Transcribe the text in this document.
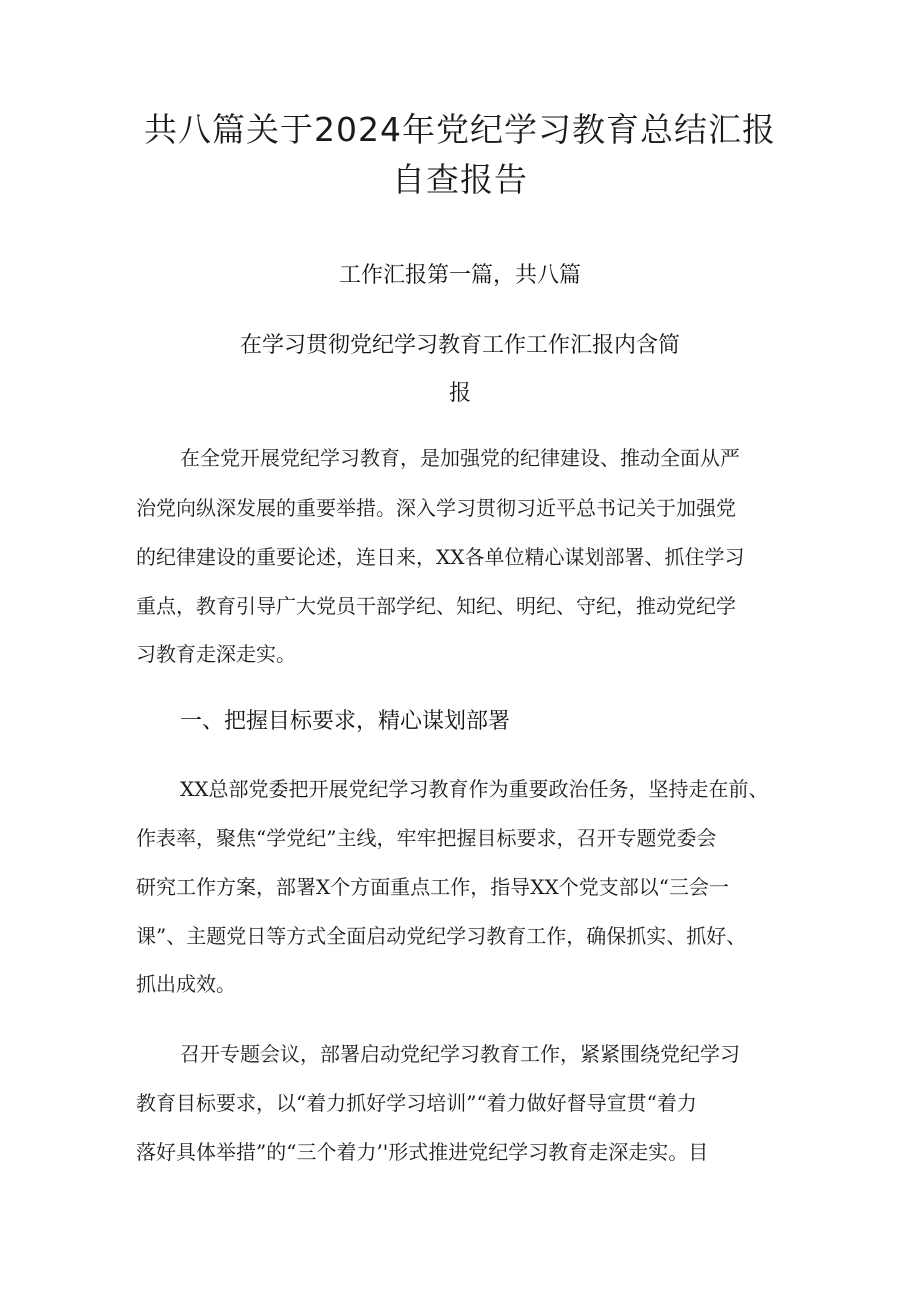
共八篇关于2024年党纪学习教育总结汇报
自查报告
工作汇报第一篇，共八篇
在学习贯彻党纪学习教育工作工作汇报内含简
报
在全党开展党纪学习教育，是加强党的纪律建设、推动全面从严
治党向纵深发展的重要举措。深入学习贯彻习近平总书记关于加强党
的纪律建设的重要论述，连日来，XX各单位精心谋划部署、抓住学习
重点，教育引导广大党员干部学纪、知纪、明纪、守纪，推动党纪学
习教育走深走实。
一、把握目标要求，精心谋划部署
XX总部党委把开展党纪学习教育作为重要政治任务，坚持走在前、
作表率，聚焦“学党纪”主线，牢牢把握目标要求，召开专题党委会
研究工作方案，部署X个方面重点工作，指导XX个党支部以“三会一
课”、主题党日等方式全面启动党纪学习教育工作，确保抓实、抓好、
抓出成效。
召开专题会议，部署启动党纪学习教育工作，紧紧围绕党纪学习
教育目标要求，以“着力抓好学习培训”“着力做好督导宣贯“着力
落好具体举措”的“三个着力’'形式推进党纪学习教育走深走实。目
